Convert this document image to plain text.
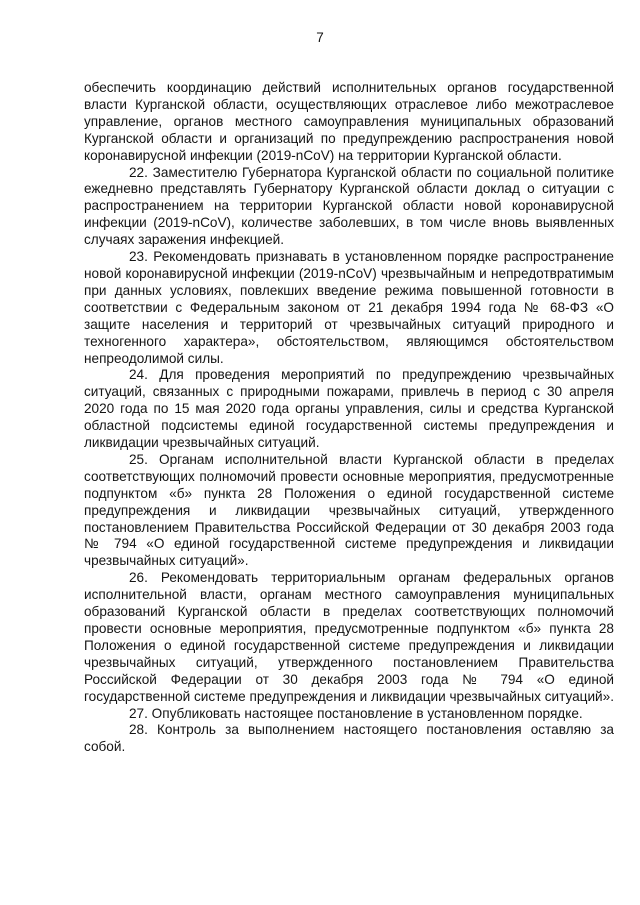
7

обеспечить координацию действий исполнительных органов государственной власти Курганской области, осуществляющих отраслевое либо межотраслевое управление, органов местного самоуправления муниципальных образований Курганской области и организаций по предупреждению распространения новой коронавирусной инфекции (2019-nCoV) на территории Курганской области.

22. Заместителю Губернатора Курганской области по социальной политике ежедневно представлять Губернатору Курганской области доклад о ситуации с распространением на территории Курганской области новой коронавирусной инфекции (2019-nCoV), количестве заболевших, в том числе вновь выявленных случаях заражения инфекцией.

23. Рекомендовать признавать в установленном порядке распространение новой коронавирусной инфекции (2019-nCoV) чрезвычайным и непредотвратимым при данных условиях, повлекших введение режима повышенной готовности в соответствии с Федеральным законом от 21 декабря 1994 года № 68-ФЗ «О защите населения и территорий от чрезвычайных ситуаций природного и техногенного характера», обстоятельством, являющимся обстоятельством непреодолимой силы.

24. Для проведения мероприятий по предупреждению чрезвычайных ситуаций, связанных с природными пожарами, привлечь в период с 30 апреля 2020 года по 15 мая 2020 года органы управления, силы и средства Курганской областной подсистемы единой государственной системы предупреждения и ликвидации чрезвычайных ситуаций.

25. Органам исполнительной власти Курганской области в пределах соответствующих полномочий провести основные мероприятия, предусмотренные подпунктом «б» пункта 28 Положения о единой государственной системе предупреждения и ликвидации чрезвычайных ситуаций, утвержденного постановлением Правительства Российской Федерации от 30 декабря 2003 года № 794 «О единой государственной системе предупреждения и ликвидации чрезвычайных ситуаций».

26. Рекомендовать территориальным органам федеральных органов исполнительной власти, органам местного самоуправления муниципальных образований Курганской области в пределах соответствующих полномочий провести основные мероприятия, предусмотренные подпунктом «б» пункта 28 Положения о единой государственной системе предупреждения и ликвидации чрезвычайных ситуаций, утвержденного постановлением Правительства Российской Федерации от 30 декабря 2003 года № 794 «О единой государственной системе предупреждения и ликвидации чрезвычайных ситуаций».

27. Опубликовать настоящее постановление в установленном порядке.

28. Контроль за выполнением настоящего постановления оставляю за собой.
